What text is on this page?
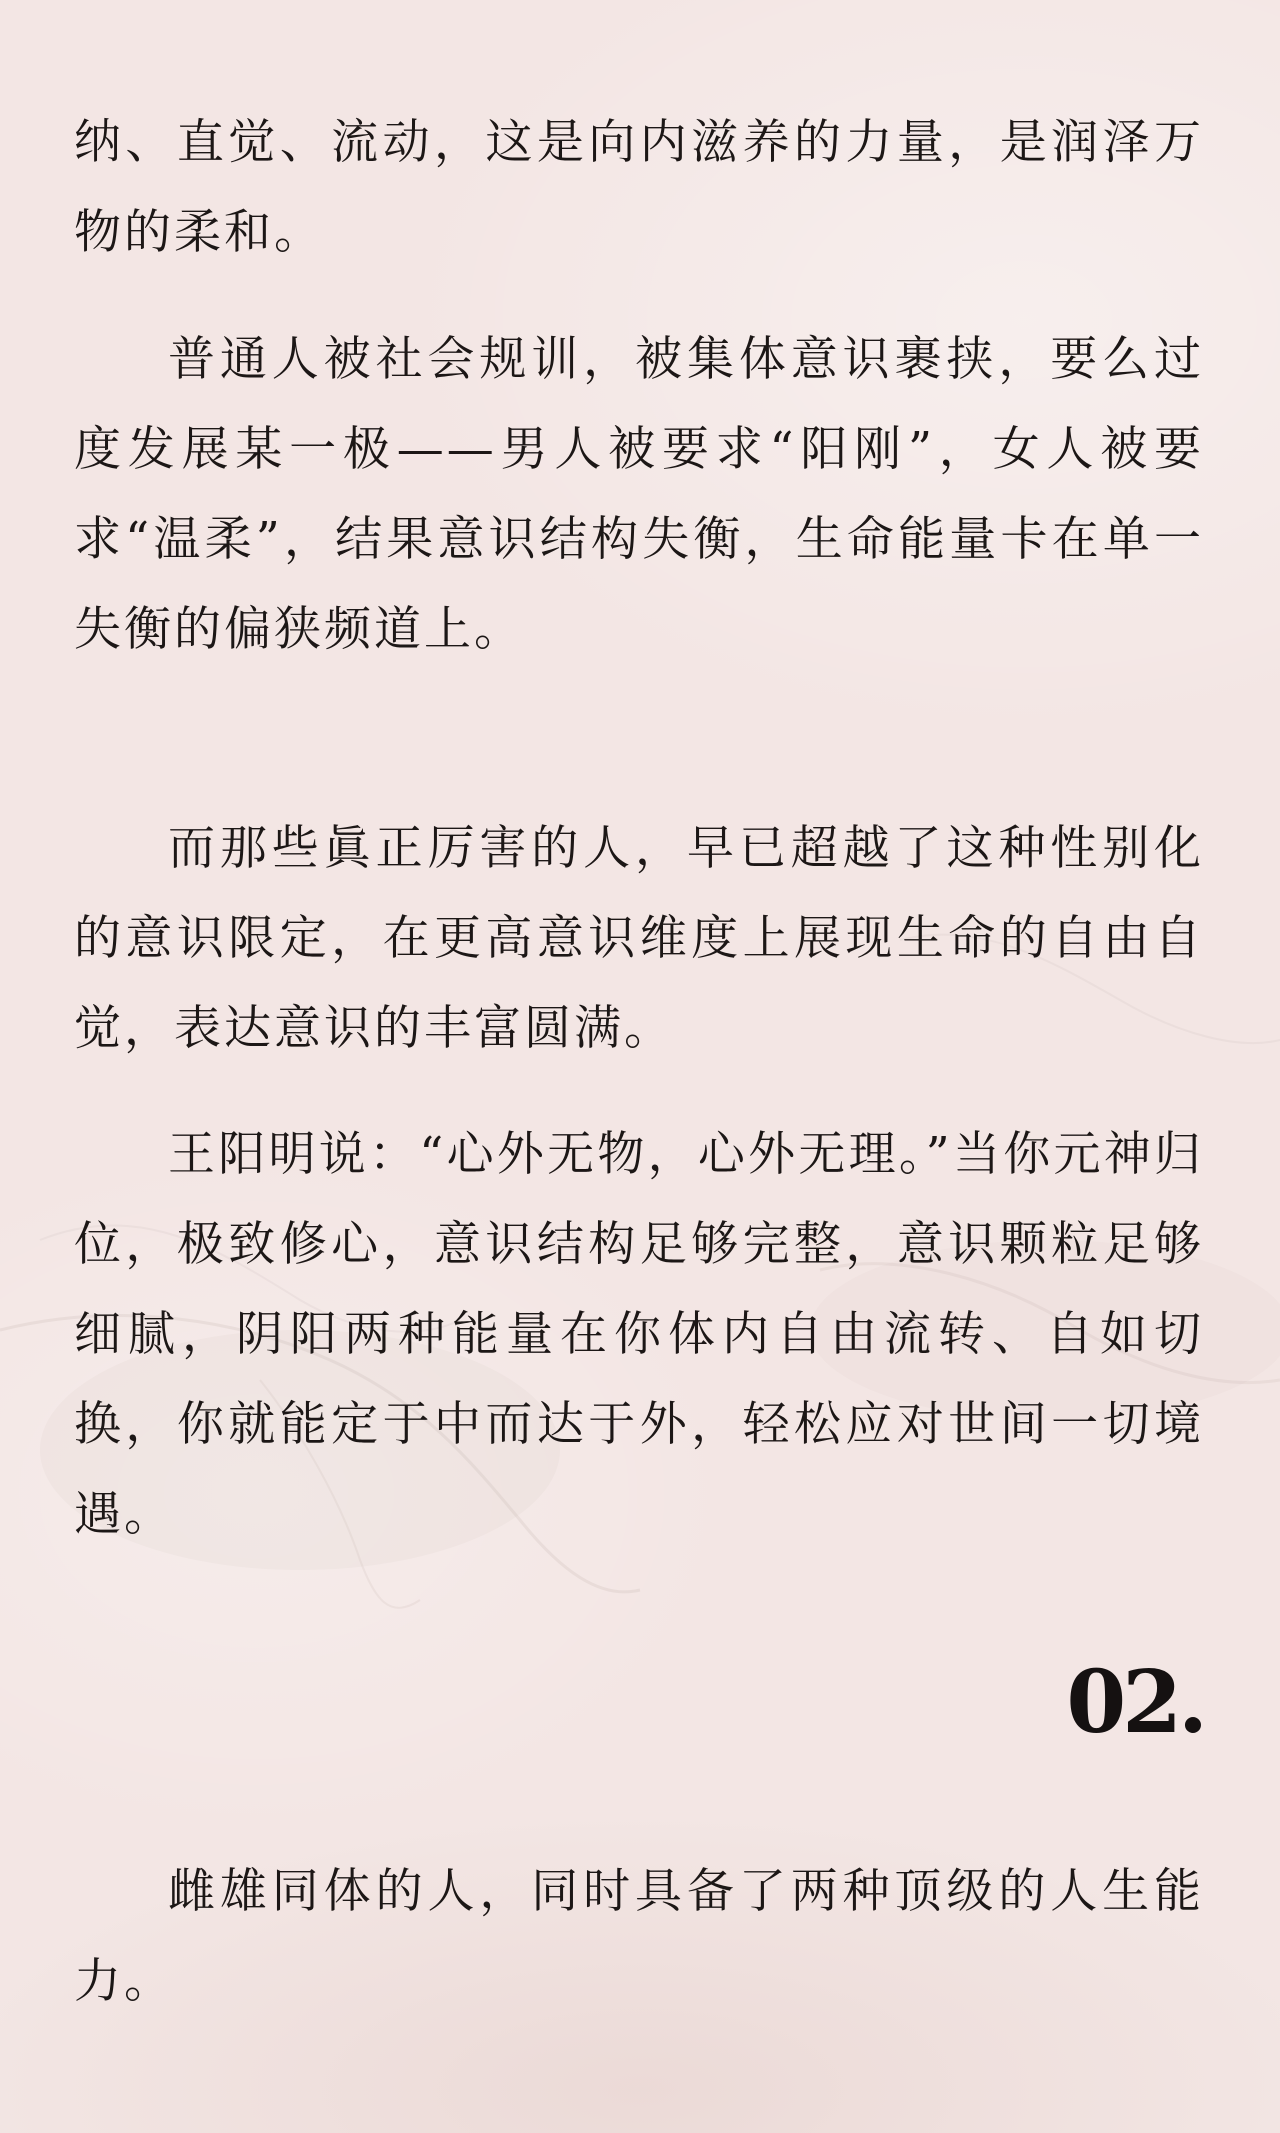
纳、直觉、流动，这是向内滋养的力量，是润泽万物的柔和。

普通人被社会规训，被集体意识裹挟，要么过度发展某一极——男人被要求“阳刚”，女人被要求“温柔”，结果意识结构失衡，生命能量卡在单一失衡的偏狭频道上。

而那些眞正厉害的人，早已超越了这种性别化的意识限定，在更高意识维度上展现生命的自由自觉，表达意识的丰富圆满。

王阳明说：“心外无物，心外无理。”当你元神归位，极致修心，意识结构足够完整，意识颗粒足够细腻，阴阳两种能量在你体内自由流转、自如切换，你就能定于中而达于外，轻松应对世间一切境遇。

02.

雌雄同体的人，同时具备了两种顶级的人生能力。
